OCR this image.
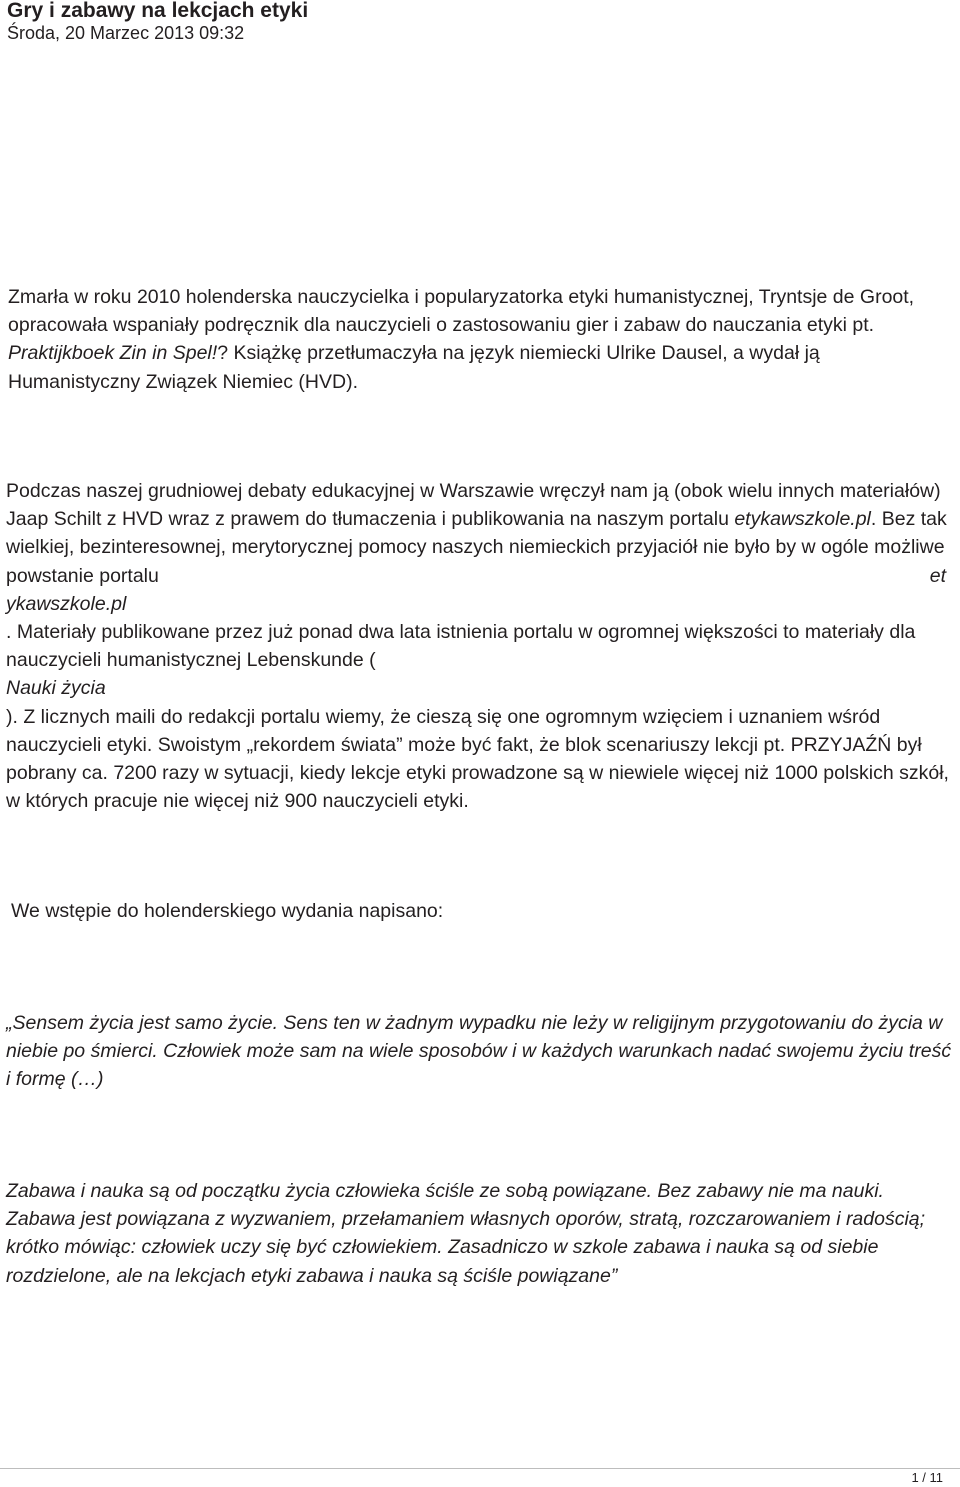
Gry i zabawy na lekcjach etyki
Środa, 20 Marzec 2013 09:32

Zmarła w roku 2010 holenderska nauczycielka i popularyzatorka etyki humanistycznej, Tryntsje de Groot, opracowała wspaniały podręcznik dla nauczycieli o zastosowaniu gier i zabaw do nauczania etyki pt. Praktijkboek Zin in Spel!? Książkę przetłumaczyła na język niemiecki Ulrike Dausel, a wydał ją Humanistyczny Związek Niemiec (HVD).

Podczas naszej grudniowej debaty edukacyjnej w Warszawie wręczył nam ją (obok wielu innych materiałów) Jaap Schilt z HVD wraz z prawem do tłumaczenia i publikowania na naszym portalu etykawszkole.pl. Bez tak wielkiej, bezinteresownej, merytorycznej pomocy naszych niemieckich przyjaciół nie było by w ogóle możliwe powstanie portalu	et
ykawszkole.pl
. Materiały publikowane przez już ponad dwa lata istnienia portalu w ogromnej większości to materiały dla nauczycieli humanistycznej Lebenskunde (
Nauki życia
). Z licznych maili do redakcji portalu wiemy, że cieszą się one ogromnym wzięciem i uznaniem wśród nauczycieli etyki. Swoistym „rekordem świata” może być fakt, że blok scenariuszy lekcji pt. PRZYJAŹŃ był pobrany ca. 7200 razy w sytuacji, kiedy lekcje etyki prowadzone są w niewiele więcej niż 1000 polskich szkół, w których pracuje nie więcej niż 900 nauczycieli etyki.

We wstępie do holenderskiego wydania napisano:

„Sensem życia jest samo życie. Sens ten w żadnym wypadku nie leży w religijnym przygotowaniu do życia w niebie po śmierci. Człowiek może sam na wiele sposobów i w każdych warunkach nadać swojemu życiu treść i formę (…)

Zabawa i nauka są od początku życia człowieka ściśle ze sobą powiązane. Bez zabawy nie ma nauki. Zabawa jest powiązana z wyzwaniem, przełamaniem własnych oporów, stratą, rozczarowaniem i radością; krótko mówiąc: człowiek uczy się być człowiekiem. Zasadniczo w szkole zabawa i nauka są od siebie rozdzielone, ale na lekcjach etyki zabawa i nauka są ściśle powiązane”

1 / 11
